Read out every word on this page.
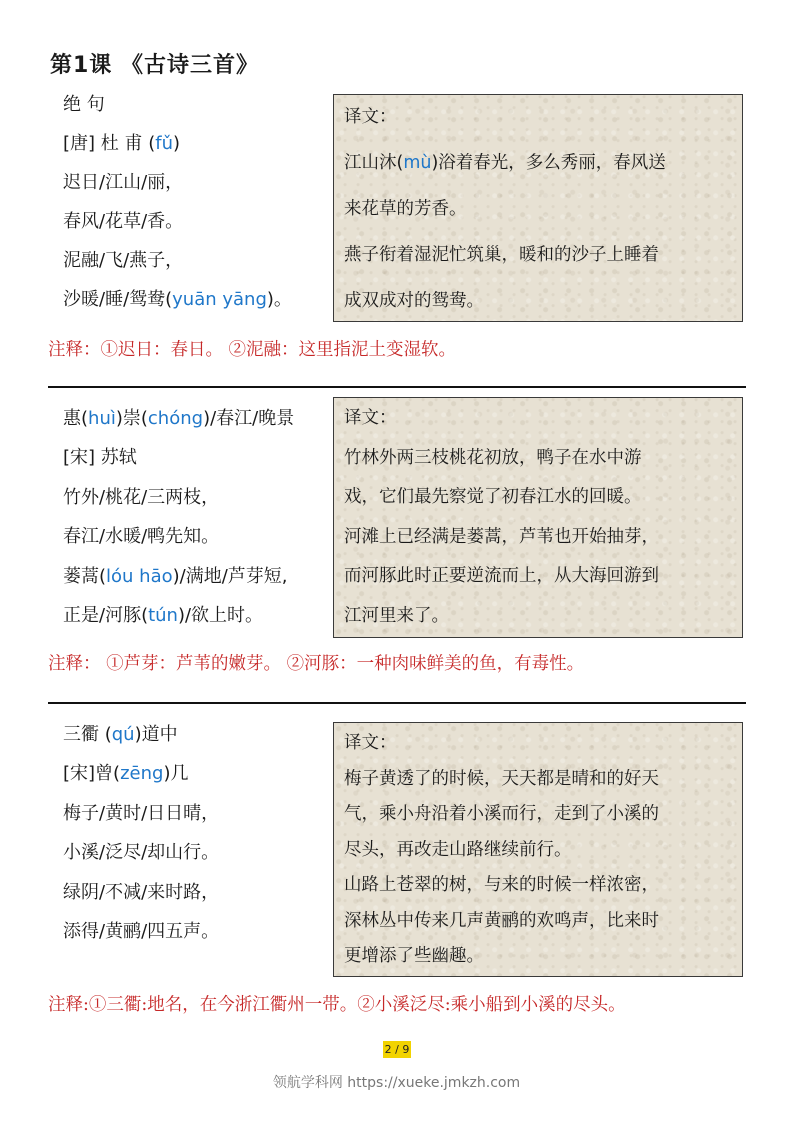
第1课 《古诗三首》
绝 句
[唐] 杜 甫 (fǔ)
迟日/江山/丽，
春风/花草/香。
泥融/飞/燕子，
沙暖/睡/鸳鸯(yuān yāng)。
译文：
江山沐(mù)浴着春光，多么秀丽，春风送
来花草的芳香。
燕子衔着湿泥忙筑巢，暖和的沙子上睡着
成双成对的鸳鸯。
注释：①迟日：春日。 ②泥融：这里指泥土变湿软。
惠(huì)崇(chóng)/春江/晚景
[宋] 苏轼
竹外/桃花/三两枝，
春江/水暖/鸭先知。
蒌蒿(lóu hāo)/满地/芦芽短,
正是/河豚(tún)/欲上时。
译文：
竹林外两三枝桃花初放，鸭子在水中游
戏，它们最先察觉了初春江水的回暖。
河滩上已经满是蒌蒿，芦苇也开始抽芽，
而河豚此时正要逆流而上，从大海回游到
江河里来了。
注释： ①芦芽：芦苇的嫩芽。 ②河豚：一种肉味鲜美的鱼，有毒性。
三衢 (qú)道中
[宋]曾(zēng)几
梅子/黄时/日日晴，
小溪/泛尽/却山行。
绿阴/不减/来时路，
添得/黄鹂/四五声。
译文：
梅子黄透了的时候，天天都是晴和的好天
气，乘小舟沿着小溪而行，走到了小溪的
尽头，再改走山路继续前行。
山路上苍翠的树，与来的时候一样浓密，
深林丛中传来几声黄鹂的欢鸣声，比来时
更增添了些幽趣。
注释:①三衢:地名，在今浙江衢州一带。②小溪泛尽:乘小船到小溪的尽头。
2 / 9
领航学科网 https://xueke.jmkzh.com
